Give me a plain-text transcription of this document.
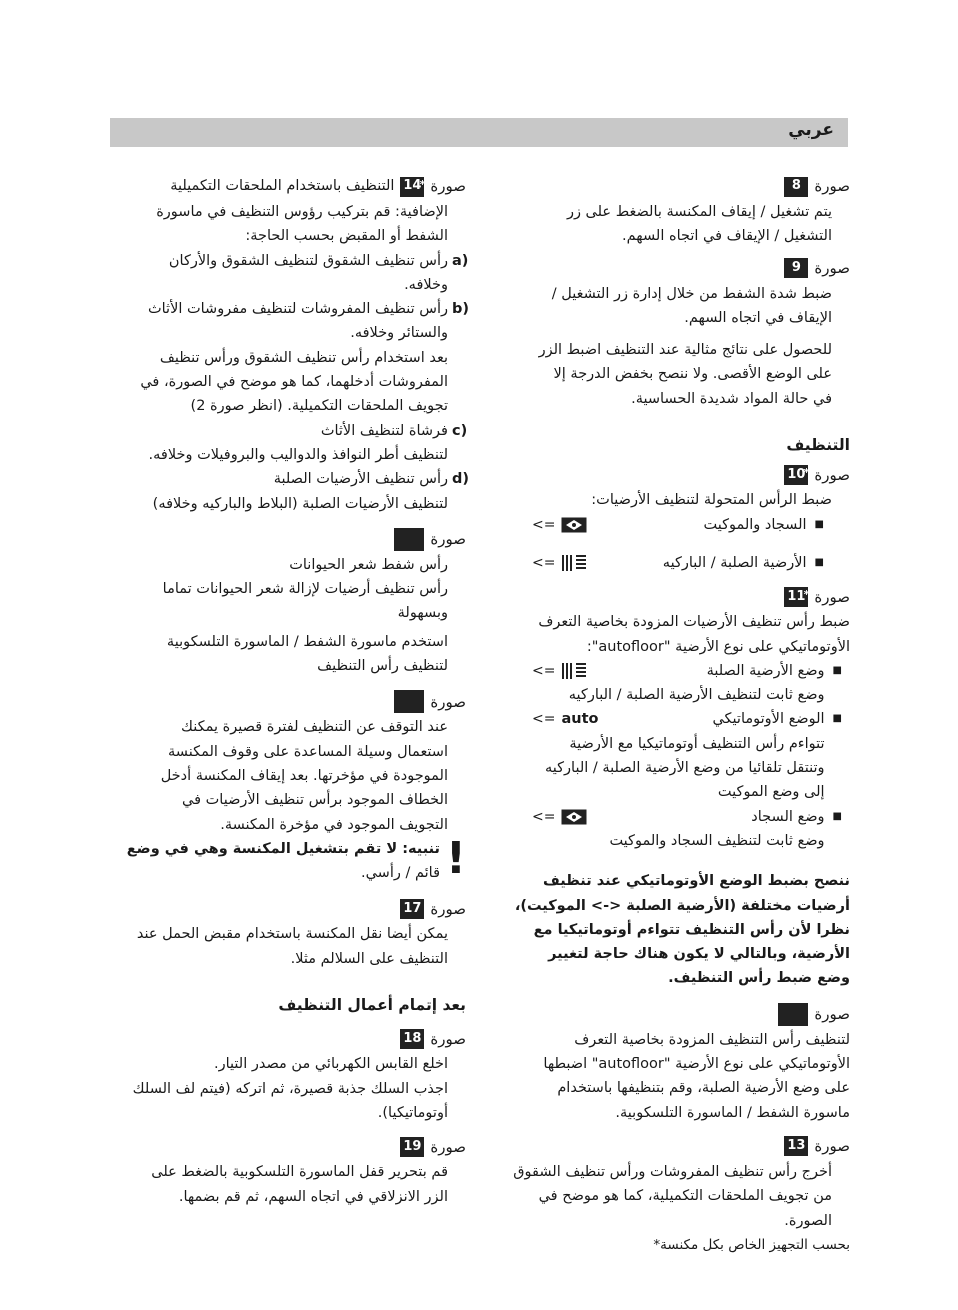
عربي
صورة
8

يتم تشغيل / إيقاف المكنسة بالضغط على زر

التشغيل / الإيقاف في اتجاه السهم.

صورة
9

ضبط شدة الشفط من خلال إدارة زر التشغيل /

الإيقاف في اتجاه السهم.

للحصول على نتائج مثالية عند التنظيف اضبط الزر

على الوضع الأقصى. ولا ننصح بخفض الدرجة إلا

في حالة المواد شديدة الحساسية.

التنظيف
صورة
10 *

ضبط الرأس المتحولة لتنظيف الأرضيات:

■
السجاد والموكيت
<=
■
الأرضية الصلبة / الباركيه
<=
صورة
11 *

ضبط رأس تنظيف الأرضيات المزودة بخاصية التعرف

الأوتوماتيكي على نوع الأرضية "autofloor":

■
وضع الأرضية الصلبة
<=

وضع ثابت لتنظيف الأرضية الصلبة / الباركيه

■
الوضع الأوتوماتيكي
<= auto

تتواءم رأس التنظيف أوتوماتيكيا مع الأرضية

وتنتقل تلقائيا من وضع الأرضية الصلبة / الباركيه

إلى وضع الموكيت

■
وضع السجاد
<=

وضع ثابت لتنظيف السجاد والموكيت

ننصح بضبط الوضع الأوتوماتيكي عند تنظيف

أرضيات مختلفة (الأرضية الصلبة <-> الموكيت)،

نظرا لأن رأس التنظيف تتواءم أوتوماتيكيا مع

الأرضية، وبالتالي لا يكون هناك حاجة لتغيير

وضع ضبط رأس التنظيف.

صورة

لتنظيف رأس التنظيف المزودة بخاصية التعرف

الأوتوماتيكي على نوع الأرضية "autofloor" اضبطها

على وضع الأرضية الصلبة، وقم بتنظيفها باستخدام

ماسورة الشفط / الماسورة التلسكوبية.

صورة
13

أخرج رأس تنظيف المفروشات ورأس تنظيف الشقوق

من تجويف الملحقات التكميلية، كما هو موضح في

الصورة.

بحسب التجهيز الخاص بكل مكنسة*

صورة
14 *
التنظيف باستخدام الملحقات التكميلية

الإضافية: قم بتركيب رؤوس التنظيف في ماسورة

الشفط أو المقبض بحسب الحاجة:

a)

رأس تنظيف الشقوق لتنظيف الشقوق والأركان

وخلافه.

b)

رأس تنظيف المفروشات لتنظيف مفروشات الأثاث

والستائر وخلافه.

بعد استخدام رأس تنظيف الشقوق ورأس تنظيف

المفروشات أدخلهما، كما هو موضح في الصورة، في

تجويف الملحقات التكميلية. (انظر صورة 2)

c)

فرشاة لتنظيف الأثاث

لتنظيف أطر النوافذ والدواليب والبروفيلات وخلافه.

d)

رأس تنظيف الأرضيات الصلبة

لتنظيف الأرضيات الصلبة (البلاط والباركيه وخلافه)

صورة

رأس شفط شعر الحيوانات

رأس تنظيف أرضيات لإزالة شعر الحيوانات تماما

وبسهولة

استخدم ماسورة الشفط / الماسورة التلسكوبية

لتنظيف رأس التنظيف

صورة

عند التوقف عن التنظيف لفترة قصيرة يمكنك

استعمال وسيلة المساعدة على وقوف المكنسة

الموجودة في مؤخرتها. بعد إيقاف المكنسة أدخل

الخطاف الموجود برأس تنظيف الأرضيات في

التجويف الموجود في مؤخرة المكنسة.

!

تنبيه: لا تقم بتشغيل المكنسة وهي في وضع

قائم / رأسي.

صورة
17

يمكن أيضا نقل المكنسة باستخدام مقبض الحمل عند

التنظيف على السلالم مثلا.

بعد إتمام أعمال التنظيف
صورة
18

اخلع القابس الكهربائي من مصدر التيار.

اجذب السلك جذبة قصيرة، ثم اتركه (فيتم لف السلك

أوتوماتيكيا).

صورة
19

قم بتحرير قفل الماسورة التلسكوبية بالضغط على

الزر الانزلاقي في اتجاه السهم، ثم قم بضمها.
